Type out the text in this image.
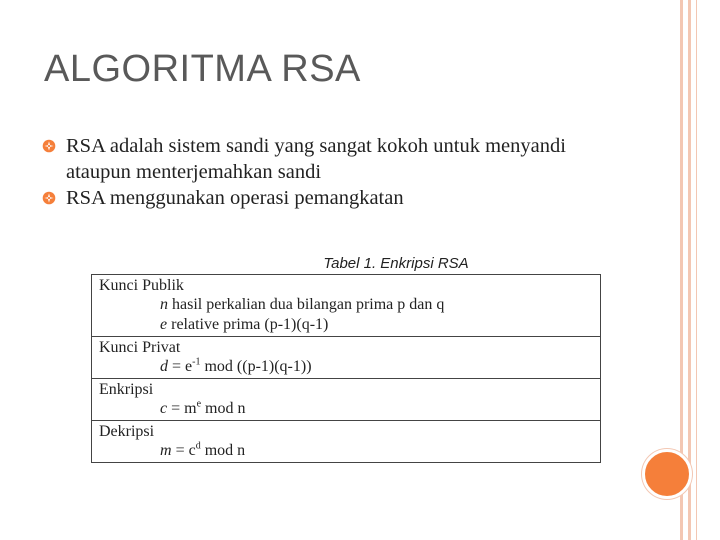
ALGORITMA RSA
RSA adalah sistem sandi yang sangat kokoh untuk menyandi ataupun menterjemahkan sandi
RSA menggunakan operasi pemangkatan
Tabel 1. Enkripsi RSA
Kunci Publik
n hasil perkalian dua bilangan prima p dan q
e relative prima (p-1)(q-1)
Kunci Privat
$d = e^{-1}$ mod ((p-1)(q-1))
Enkripsi
$c = m^e$ mod n
Dekripsi
$m = c^d$ mod n
